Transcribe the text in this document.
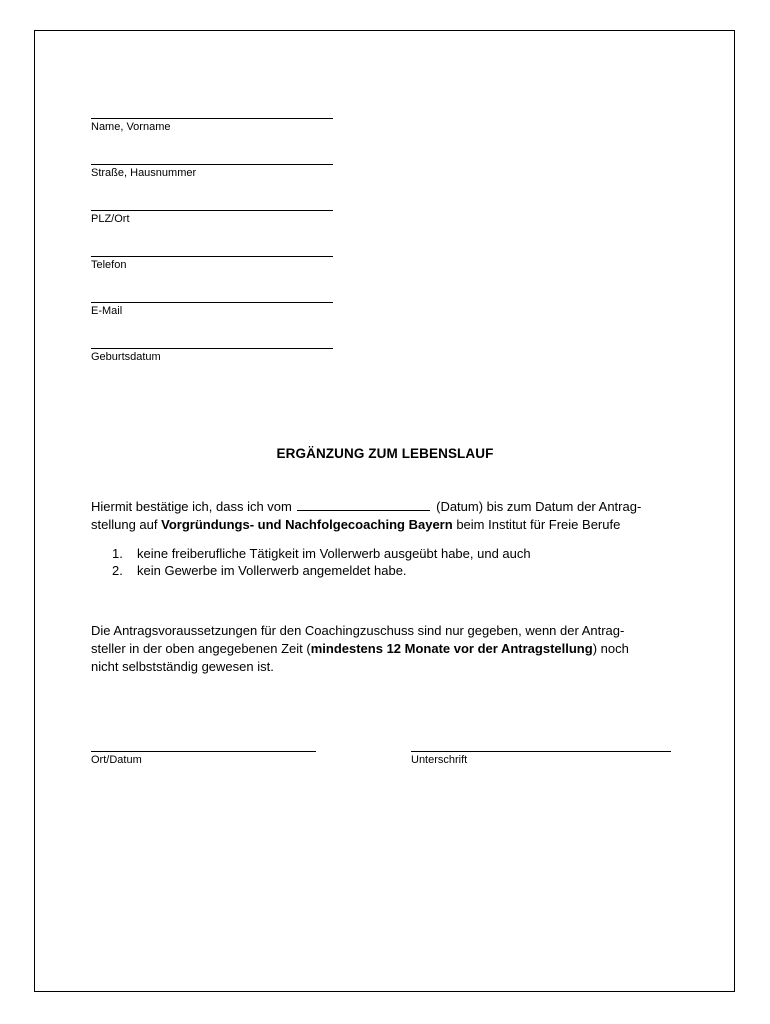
Name, Vorname
Straße, Hausnummer
PLZ/Ort
Telefon
E-Mail
Geburtsdatum
ERGÄNZUNG ZUM LEBENSLAUF
Hiermit bestätige ich, dass ich vom	(Datum) bis zum Datum der Antrag-
stellung auf Vorgründungs- und Nachfolgecoaching Bayern beim Institut für Freie Berufe
1.	keine freiberufliche Tätigkeit im Vollerwerb ausgeübt habe, und auch
2.	kein Gewerbe im Vollerwerb angemeldet habe.
Die Antragsvoraussetzungen für den Coachingzuschuss sind nur gegeben, wenn der Antrag-
steller in der oben angegebenen Zeit (mindestens 12 Monate vor der Antragstellung) noch
nicht selbstständig gewesen ist.
Ort/Datum	Unterschrift
